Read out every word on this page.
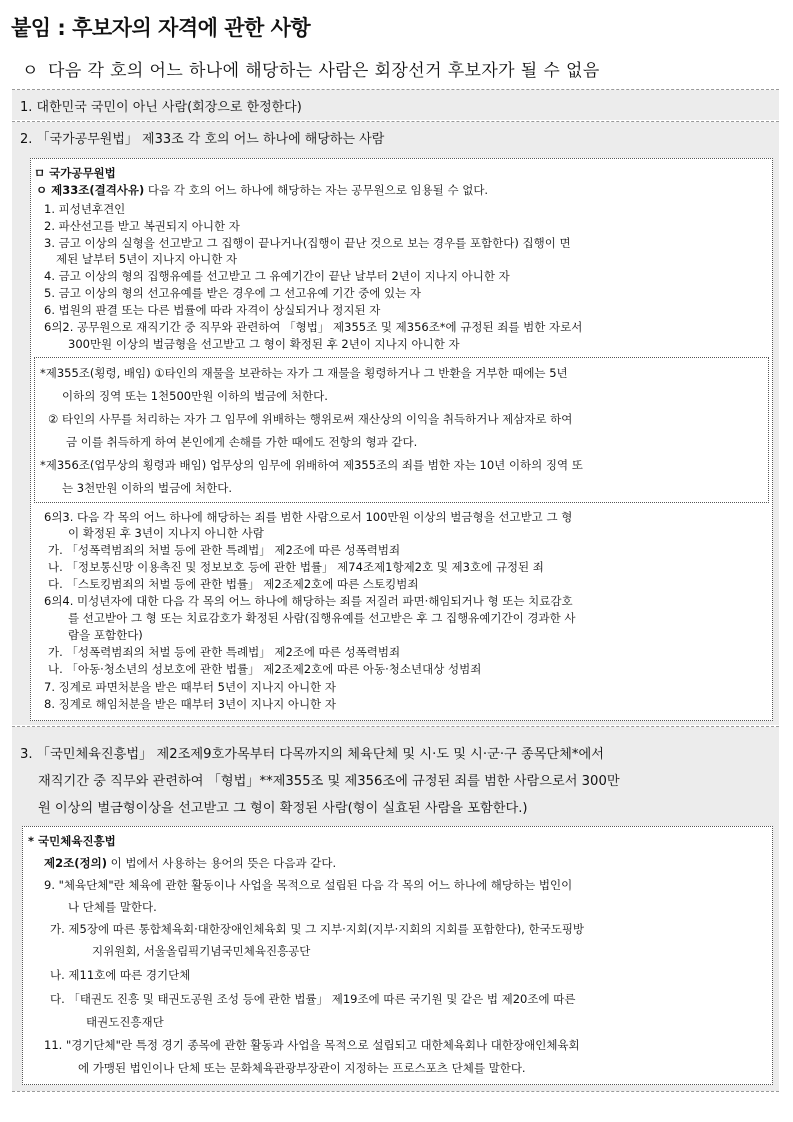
붙임 : 후보자의 자격에 관한 사항
ㅇ 다음 각 호의 어느 하나에 해당하는 사람은 회장선거 후보자가 될 수 없음
1. 대한민국 국민이 아닌 사람(회장으로 한정한다)
2. 「국가공무원법」 제33조 각 호의 어느 하나에 해당하는 사람
ㅁ 국가공무원법
ㅇ 제33조(결격사유) 다음 각 호의 어느 하나에 해당하는 자는 공무원으로 임용될 수 없다.
1. 피성년후견인
2. 파산선고를 받고 복권되지 아니한 자
3. 금고 이상의 실형을 선고받고 그 집행이 끝나거나(집행이 끝난 것으로 보는 경우를 포함한다) 집행이 면
제된 날부터 5년이 지나지 아니한 자
4. 금고 이상의 형의 집행유예를 선고받고 그 유예기간이 끝난 날부터 2년이 지나지 아니한 자
5. 금고 이상의 형의 선고유예를 받은 경우에 그 선고유예 기간 중에 있는 자
6. 법원의 판결 또는 다른 법률에 따라 자격이 상실되거나 정지된 자
6의2. 공무원으로 재직기간 중 직무와 관련하여 「형법」 제355조 및 제356조*에 규정된 죄를 범한 자로서
300만원 이상의 벌금형을 선고받고 그 형이 확정된 후 2년이 지나지 아니한 자
*제355조(횡령, 배임) ①타인의 재물을 보관하는 자가 그 재물을 횡령하거나 그 반환을 거부한 때에는 5년
이하의 징역 또는 1천500만원 이하의 벌금에 처한다.
② 타인의 사무를 처리하는 자가 그 임무에 위배하는 행위로써 재산상의 이익을 취득하거나 제삼자로 하여
금 이를 취득하게 하여 본인에게 손해를 가한 때에도 전항의 형과 같다.
*제356조(업무상의 횡령과 배임) 업무상의 임무에 위배하여 제355조의 죄를 범한 자는 10년 이하의 징역 또
는 3천만원 이하의 벌금에 처한다.
6의3. 다음 각 목의 어느 하나에 해당하는 죄를 범한 사람으로서 100만원 이상의 벌금형을 선고받고 그 형
이 확정된 후 3년이 지나지 아니한 사람
가. 「성폭력범죄의 처벌 등에 관한 특례법」 제2조에 따른 성폭력범죄
나. 「정보통신망 이용촉진 및 정보보호 등에 관한 법률」 제74조제1항제2호 및 제3호에 규정된 죄
다. 「스토킹범죄의 처벌 등에 관한 법률」 제2조제2호에 따른 스토킹범죄
6의4. 미성년자에 대한 다음 각 목의 어느 하나에 해당하는 죄를 저질러 파면·해임되거나 형 또는 치료감호
를 선고받아 그 형 또는 치료감호가 확정된 사람(집행유예를 선고받은 후 그 집행유예기간이 경과한 사
람을 포함한다)
가. 「성폭력범죄의 처벌 등에 관한 특례법」 제2조에 따른 성폭력범죄
나. 「아동·청소년의 성보호에 관한 법률」 제2조제2호에 따른 아동·청소년대상 성범죄
7. 징계로 파면처분을 받은 때부터 5년이 지나지 아니한 자
8. 징계로 해임처분을 받은 때부터 3년이 지나지 아니한 자
3. 「국민체육진흥법」 제2조제9호가목부터 다목까지의 체육단체 및 시·도 및 시·군·구 종목단체*에서
재직기간 중 직무와 관련하여 「형법」**제355조 및 제356조에 규정된 죄를 범한 사람으로서 300만
원 이상의 벌금형이상을 선고받고 그 형이 확정된 사람(형이 실효된 사람을 포함한다.)
* 국민체육진흥법
제2조(정의) 이 법에서 사용하는 용어의 뜻은 다음과 같다.
9. "체육단체"란 체육에 관한 활동이나 사업을 목적으로 설립된 다음 각 목의 어느 하나에 해당하는 법인이
나 단체를 말한다.
가. 제5장에 따른 통합체육회·대한장애인체육회 및 그 지부·지회(지부·지회의 지회를 포함한다), 한국도핑방
지위원회, 서울올림픽기념국민체육진흥공단
나. 제11호에 따른 경기단체
다. 「태권도 진흥 및 태권도공원 조성 등에 관한 법률」 제19조에 따른 국기원 및 같은 법 제20조에 따른
태권도진흥재단
11. "경기단체"란 특정 경기 종목에 관한 활동과 사업을 목적으로 설립되고 대한체육회나 대한장애인체육회
에 가맹된 법인이나 단체 또는 문화체육관광부장관이 지정하는 프로스포츠 단체를 말한다.
